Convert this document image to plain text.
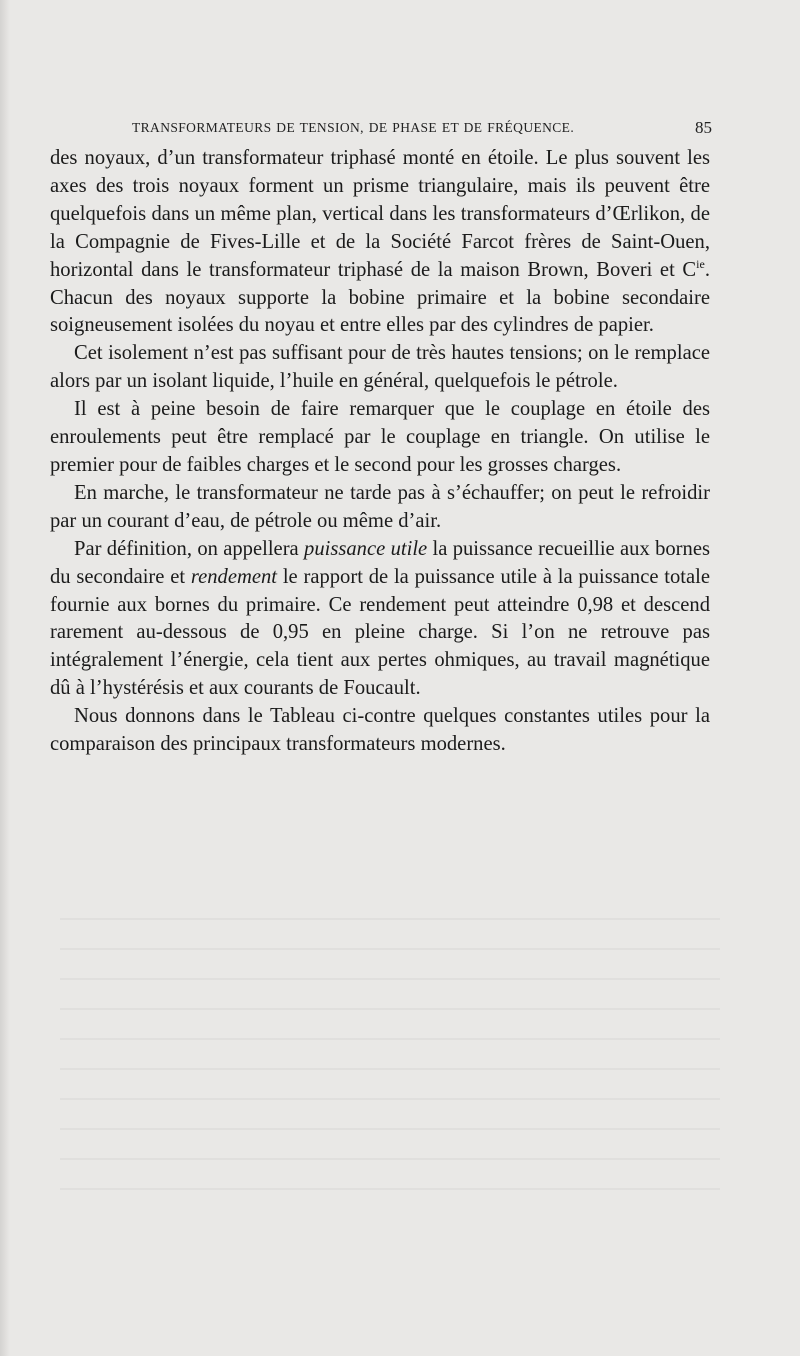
TRANSFORMATEURS DE TENSION, DE PHASE ET DE FRÉQUENCE.	85

des noyaux, d’un transformateur triphasé monté en étoile. Le plus souvent les axes des trois noyaux forment un prisme triangulaire, mais ils peuvent être quelquefois dans un même plan, vertical dans les transformateurs d’Œrlikon, de la Compagnie de Fives-Lille et de la Société Farcot frères de Saint-Ouen, horizontal dans le transformateur triphasé de la maison Brown, Boveri et $C^{ie}$. Chacun des noyaux supporte la bobine primaire et la bobine secondaire soigneusement isolées du noyau et entre elles par des cylindres de papier.

Cet isolement n’est pas suffisant pour de très hautes tensions; on le remplace alors par un isolant liquide, l’huile en général, quelquefois le pétrole.

Il est à peine besoin de faire remarquer que le couplage en étoile des enroulements peut être remplacé par le couplage en triangle. On utilise le premier pour de faibles charges et le second pour les grosses charges.

En marche, le transformateur ne tarde pas à s’échauffer; on peut le refroidir par un courant d’eau, de pétrole ou même d’air.

Par définition, on appellera puissance utile la puissance recueillie aux bornes du secondaire et rendement le rapport de la puissance utile à la puissance totale fournie aux bornes du primaire. Ce rendement peut atteindre 0,98 et descend rarement au-dessous de 0,95 en pleine charge. Si l’on ne retrouve pas intégralement l’énergie, cela tient aux pertes ohmiques, au travail magnétique dû à l’hystérésis et aux courants de Foucault.

Nous donnons dans le Tableau ci-contre quelques constantes utiles pour la comparaison des principaux transformateurs modernes.
